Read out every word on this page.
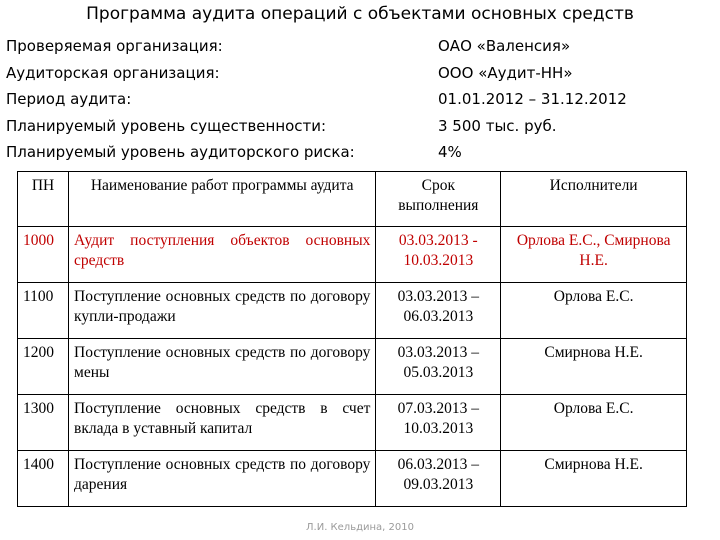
Программа аудита операций с объектами основных средств
Проверяемая организация:	ОАО «Валенсия»
Аудиторская организация:	ООО «Аудит-НН»
Период аудита:	01.01.2012 – 31.12.2012
Планируемый уровень существенности:	3 500 тыс. руб.
Планируемый уровень аудиторского риска:	4%
ПН	Наименование работ программы аудита	Срок выполнения	Исполнители
1000	Аудит поступления объектов основных средств	03.03.2013 - 10.03.2013	Орлова Е.С., Смирнова Н.Е.
1100	Поступление основных средств по договору купли-продажи	03.03.2013 – 06.03.2013	Орлова Е.С.
1200	Поступление основных средств по договору мены	03.03.2013 – 05.03.2013	Смирнова Н.Е.
1300	Поступление основных средств в счет вклада в уставный капитал	07.03.2013 – 10.03.2013	Орлова Е.С.
1400	Поступление основных средств по договору дарения	06.03.2013 – 09.03.2013	Смирнова Н.Е.
Л.И. Кельдина, 2010
